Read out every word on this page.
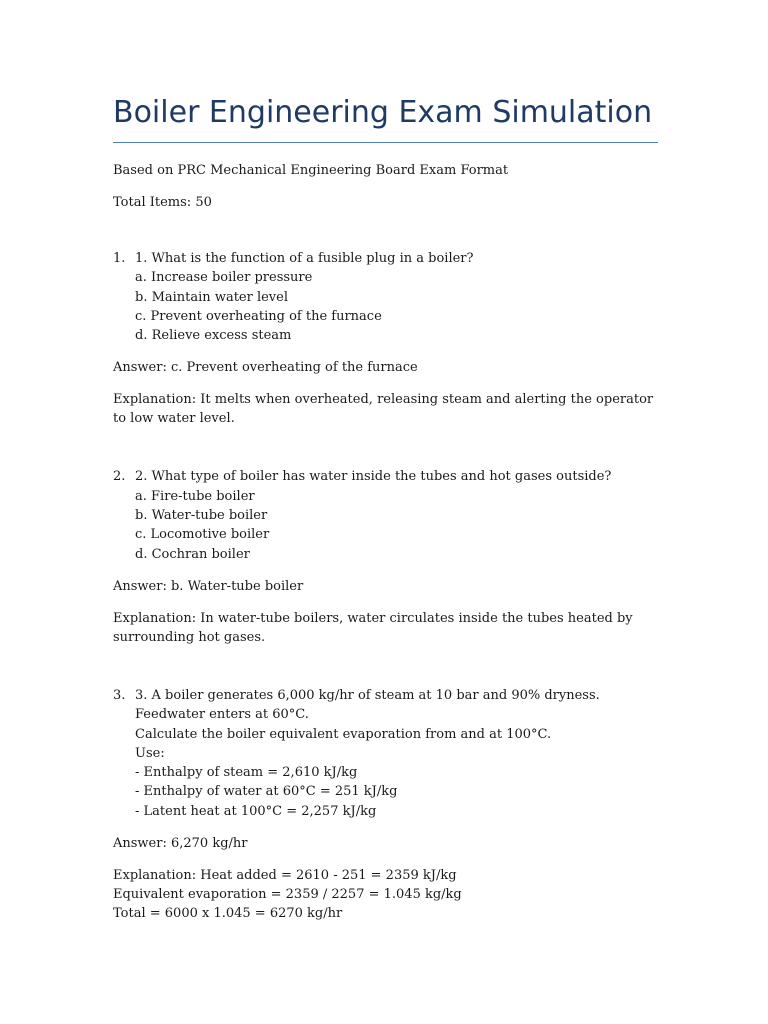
Boiler Engineering Exam Simulation

Based on PRC Mechanical Engineering Board Exam Format

Total Items: 50

1. 1. What is the function of a fusible plug in a boiler?

a. Increase boiler pressure

b. Maintain water level

c. Prevent overheating of the furnace

d. Relieve excess steam

Answer: c. Prevent overheating of the furnace

Explanation: It melts when overheated, releasing steam and alerting the operator to low water level.

2. 2. What type of boiler has water inside the tubes and hot gases outside?

a. Fire-tube boiler

b. Water-tube boiler

c. Locomotive boiler

d. Cochran boiler

Answer: b. Water-tube boiler

Explanation: In water-tube boilers, water circulates inside the tubes heated by surrounding hot gases.

3. 3. A boiler generates 6,000 kg/hr of steam at 10 bar and 90% dryness. Feedwater enters at 60°C.

Calculate the boiler equivalent evaporation from and at 100°C.

Use:

- Enthalpy of steam = 2,610 kJ/kg

- Enthalpy of water at 60°C = 251 kJ/kg

- Latent heat at 100°C = 2,257 kJ/kg

Answer: 6,270 kg/hr

Explanation: Heat added = 2610 - 251 = 2359 kJ/kg
Equivalent evaporation = 2359 / 2257 = 1.045 kg/kg
Total = 6000 x 1.045 = 6270 kg/hr
